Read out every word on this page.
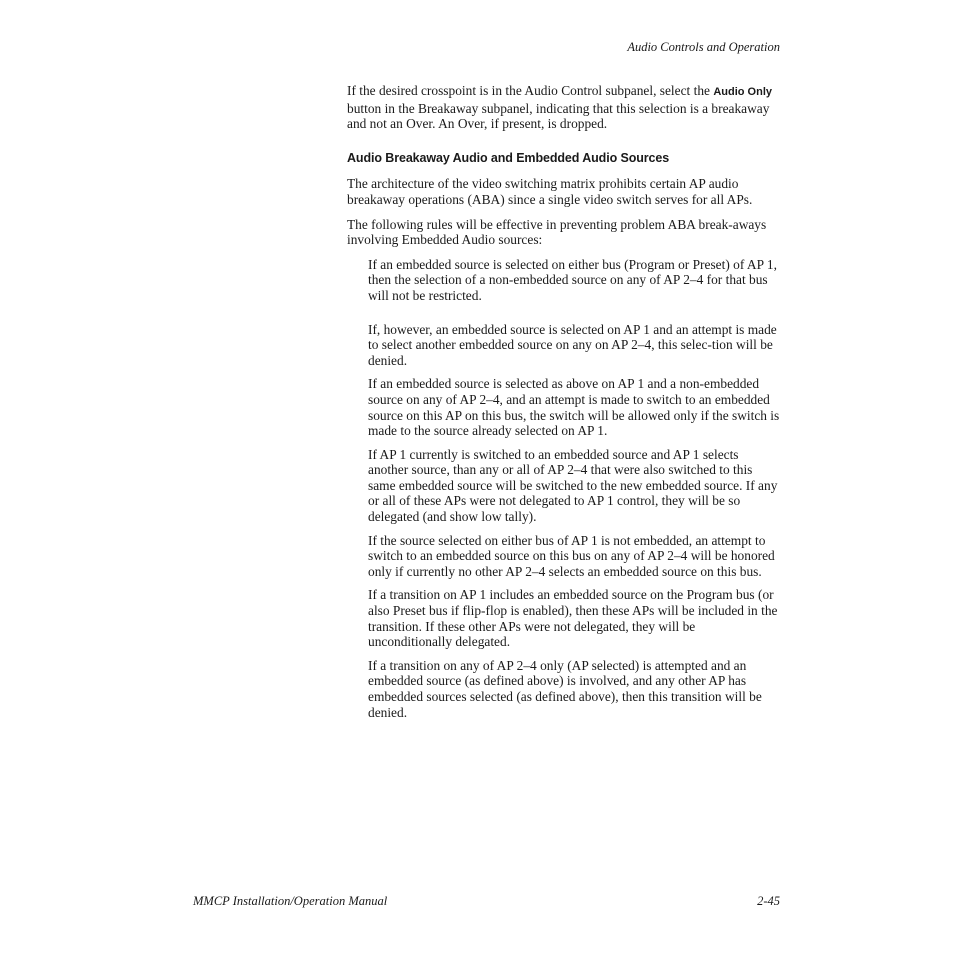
Audio Controls and Operation

If the desired crosspoint is in the Audio Control subpanel, select the Audio Only button in the Breakaway subpanel, indicating that this selection is a breakaway and not an Over. An Over, if present, is dropped.

Audio Breakaway Audio and Embedded Audio Sources

The architecture of the video switching matrix prohibits certain AP audio breakaway operations (ABA) since a single video switch serves for all APs.

The following rules will be effective in preventing problem ABA break-aways involving Embedded Audio sources:

If an embedded source is selected on either bus (Program or Preset) of AP 1, then the selection of a non-embedded source on any of AP 2–4 for that bus will not be restricted.

If, however, an embedded source is selected on AP 1 and an attempt is made to select another embedded source on any on AP 2–4, this selec-tion will be denied.

If an embedded source is selected as above on AP 1 and a non-embedded source on any of AP 2–4, and an attempt is made to switch to an embedded source on this AP on this bus, the switch will be allowed only if the switch is made to the source already selected on AP 1.

If AP 1 currently is switched to an embedded source and AP 1 selects another source, than any or all of AP 2–4 that were also switched to this same embedded source will be switched to the new embedded source. If any or all of these APs were not delegated to AP 1 control, they will be so delegated (and show low tally).

If the source selected on either bus of AP 1 is not embedded, an attempt to switch to an embedded source on this bus on any of AP 2–4 will be honored only if currently no other AP 2–4 selects an embedded source on this bus.

If a transition on AP 1 includes an embedded source on the Program bus (or also Preset bus if flip-flop is enabled), then these APs will be included in the transition. If these other APs were not delegated, they will be unconditionally delegated.

If a transition on any of AP 2–4 only (AP selected) is attempted and an embedded source (as defined above) is involved, and any other AP has embedded sources selected (as defined above), then this transition will be denied.

MMCP Installation/Operation Manual	2-45
